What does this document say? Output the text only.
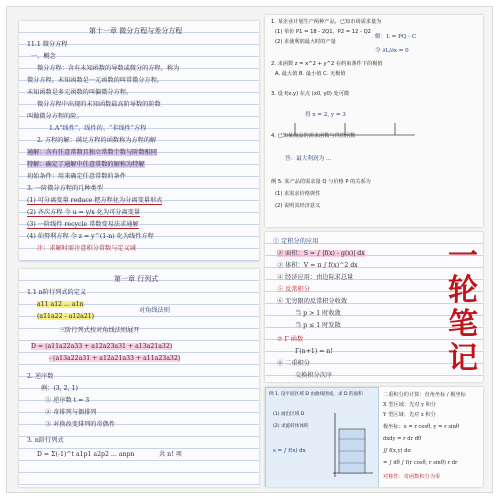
第十一章 微分方程与差分方程
11.1 微分方程
一、概念
微分方程：含有未知函数的导数或微分的方程，称为
微分方程。未知函数是一元函数的叫常微分方程，
未知函数是多元函数的叫偏微分方程。
微分方程中出现的未知函数最高阶导数的阶数
叫做微分方程的阶。
1.A“线性”、线性的、“非线性”方程
2. 方程的解：满足方程的函数称为方程的解
通解：含有任意常数且独立常数个数与阶数相同
特解：确定了通解中任意常数的解称为特解
初始条件：用来确定任意常数的条件
3. 一阶微分方程的几种类型
(1) 可分离变量 reduce 把方程化为分离变量形式
(2) 齐次方程 令 u = y/x 化为可分离变量
(3) 一阶线性 recycle 常数变易法求通解
(4) 伯努利方程 令 z = y^(1-n) 化为线性方程
注：求解时需注意积分常数与定义域
第一章 行列式
1.1 n阶行列式的定义
a11 a12 ... a1n
(a11a22 - a12a21)
对角线法则
三阶行列式按对角线法则展开
D = (a11a22a33 + a12a23a31 + a13a21a32)
- (a13a22a31 + a12a21a33 + a11a23a32)
2. 逆序数
例：(3, 2, 1)
① 逆序数 t = 3
② 奇排列与偶排列
③ 对换改变排列的奇偶性
3. n阶行列式
D = Σ(-1)^t a1p1 a2p2 ... anpn	共 n! 项
1. 某企业计划生产两种产品，已知市场需求量为
(1) 单价 P1 = 18 - 2Q1，P2 = 12 - Q2
解：L = PQ - C
(2) 求使利润最大时的产量
令 ∂L/∂x = 0
2. 求函数 z = x^2 + y^2 在约束条件下的极值
A. 最大值 B. 最小值 C. 无极值
3. 设 f(x,y) 在点 (x0, y0) 处可微
得 x = 2, y = 3
4. 已知某商品的需求函数与供给函数
答：最大利润为 ...
例 5. 某产品的需求量 Q 与价格 P 的关系为
(1) 求需求价格弹性
(2) 说明其经济意义
① 定积分的应用
② 面积：S = ∫ |f(x) - g(x)| dx
③ 体积：V = π ∫ f(x)^2 dx
④ 经济应用：由边际求总量
⑤ 反常积分
⑥ 无穷限的反常积分收敛
当 p > 1 时收敛
当 p ≤ 1 时发散
⑦ Γ 函数
Γ(n+1) = n!
⑧ 二重积分
交换积分次序
一
轮
笔
记
例 1. 设平面区域 D 由曲线围成，求 D 的面积
(1) 画出区域 D
(2) 求旋转体体积
s = ∫ f(x) dx
二重积分的计算：直角坐标 / 极坐标
X 型区域：先对 y 积分
Y 型区域：先对 x 积分
极坐标：x = r cosθ, y = r sinθ
dxdy = r dr dθ
∬ f(x,y) dσ
= ∫ dθ ∫ f(r cosθ, r sinθ) r dr
对称性：奇函数积分为零
